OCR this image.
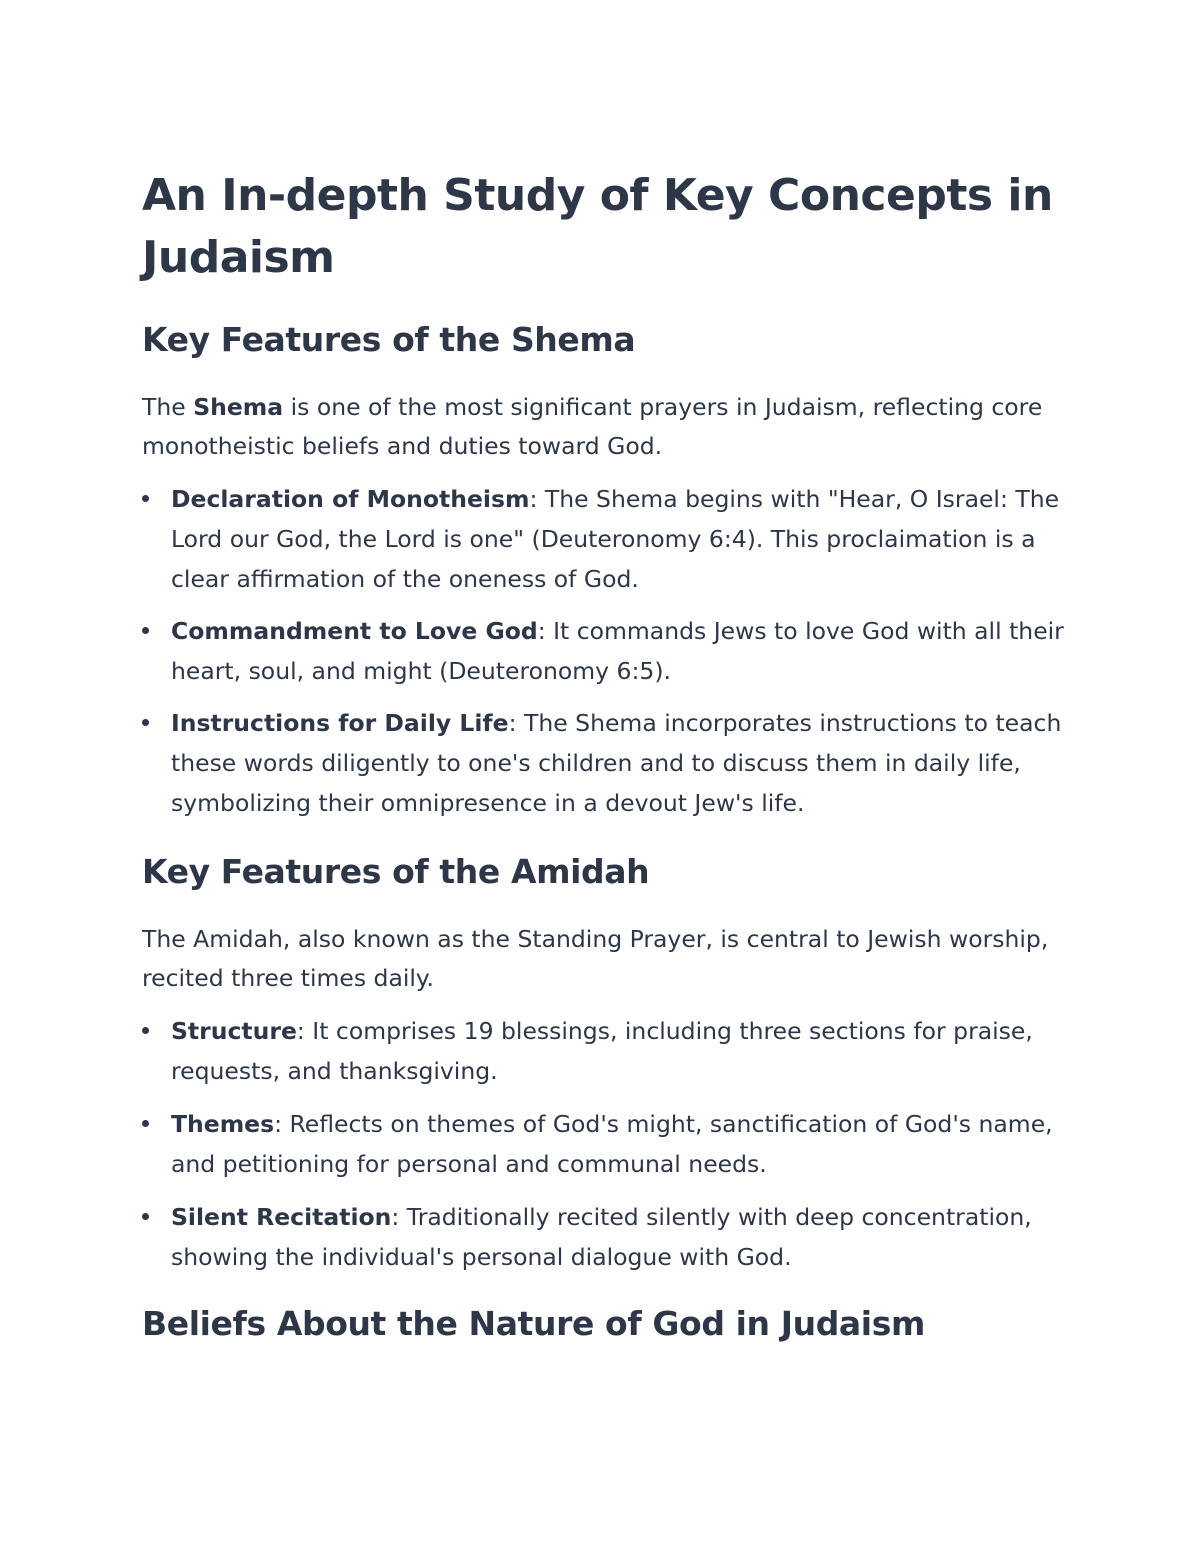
An In-depth Study of Key Concepts in Judaism
Key Features of the Shema

The Shema is one of the most significant prayers in Judaism, reflecting core monotheistic beliefs and duties toward God.

Declaration of Monotheism: The Shema begins with "Hear, O Israel: The Lord our God, the Lord is one" (Deuteronomy 6:4). This proclaimation is a clear affirmation of the oneness of God.
Commandment to Love God: It commands Jews to love God with all their heart, soul, and might (Deuteronomy 6:5).
Instructions for Daily Life: The Shema incorporates instructions to teach these words diligently to one's children and to discuss them in daily life, symbolizing their omnipresence in a devout Jew's life.
Key Features of the Amidah

The Amidah, also known as the Standing Prayer, is central to Jewish worship, recited three times daily.

Structure: It comprises 19 blessings, including three sections for praise, requests, and thanksgiving.
Themes: Reflects on themes of God's might, sanctification of God's name, and petitioning for personal and communal needs.
Silent Recitation: Traditionally recited silently with deep concentration, showing the individual's personal dialogue with God.
Beliefs About the Nature of God in Judaism
